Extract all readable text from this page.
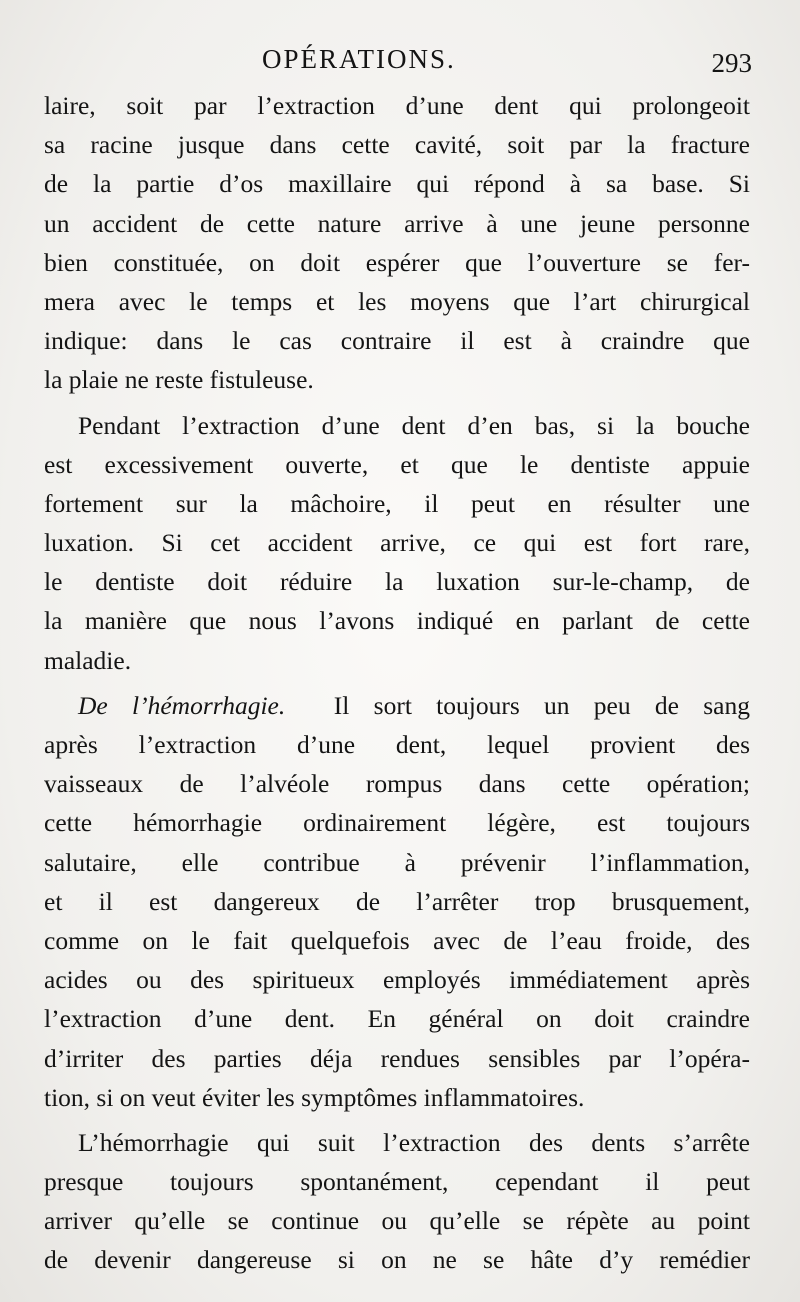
OPÉRATIONS.	293
laire, soit par l’extraction d’une dent qui prolongeoit
sa racine jusque dans cette cavité, soit par la fracture
de la partie d’os maxillaire qui répond à sa base. Si
un accident de cette nature arrive à une jeune personne
bien constituée, on doit espérer que l’ouverture se fer-
mera avec le temps et les moyens que l’art chirurgical
indique: dans le cas contraire il est à craindre que
la plaie ne reste fistuleuse.
Pendant l’extraction d’une dent d’en bas, si la bouche
est excessivement ouverte, et que le dentiste appuie
fortement sur la mâchoire, il peut en résulter une
luxation. Si cet accident arrive, ce qui est fort rare,
le dentiste doit réduire la luxation sur-le-champ, de
la manière que nous l’avons indiqué en parlant de cette
maladie.
De l’hémorrhagie. Il sort toujours un peu de sang
après l’extraction d’une dent, lequel provient des
vaisseaux de l’alvéole rompus dans cette opération;
cette hémorrhagie ordinairement légère, est toujours
salutaire, elle contribue à prévenir l’inflammation,
et il est dangereux de l’arrêter trop brusquement,
comme on le fait quelquefois avec de l’eau froide, des
acides ou des spiritueux employés immédiatement après
l’extraction d’une dent. En général on doit craindre
d’irriter des parties déja rendues sensibles par l’opéra-
tion, si on veut éviter les symptômes inflammatoires.
L’hémorrhagie qui suit l’extraction des dents s’arrête
presque toujours spontanément, cependant il peut
arriver qu’elle se continue ou qu’elle se répète au point
de devenir dangereuse si on ne se hâte d’y remédier
